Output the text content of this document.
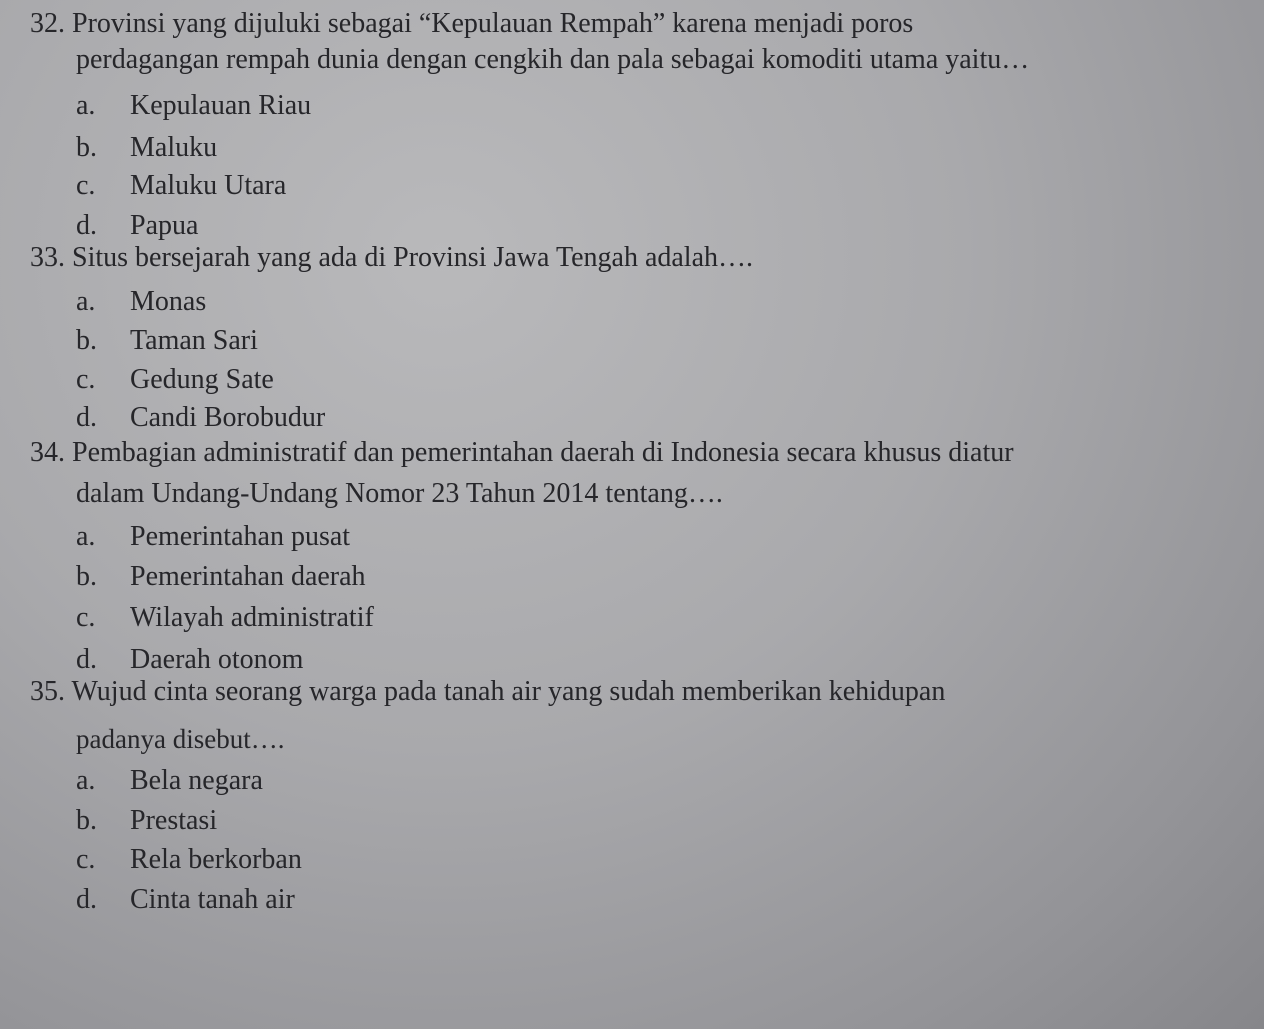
32. Provinsi yang dijuluki sebagai “Kepulauan Rempah” karena menjadi poros
perdagangan rempah dunia dengan cengkih dan pala sebagai komoditi utama yaitu…
a. Kepulauan Riau
b. Maluku
c. Maluku Utara
d. Papua
33. Situs bersejarah yang ada di Provinsi Jawa Tengah adalah….
a. Monas
b. Taman Sari
c. Gedung Sate
d. Candi Borobudur
34. Pembagian administratif dan pemerintahan daerah di Indonesia secara khusus diatur
dalam Undang-Undang Nomor 23 Tahun 2014 tentang….
a. Pemerintahan pusat
b. Pemerintahan daerah
c. Wilayah administratif
d. Daerah otonom
35. Wujud cinta seorang warga pada tanah air yang sudah memberikan kehidupan
padanya disebut….
a. Bela negara
b. Prestasi
c. Rela berkorban
d. Cinta tanah air
